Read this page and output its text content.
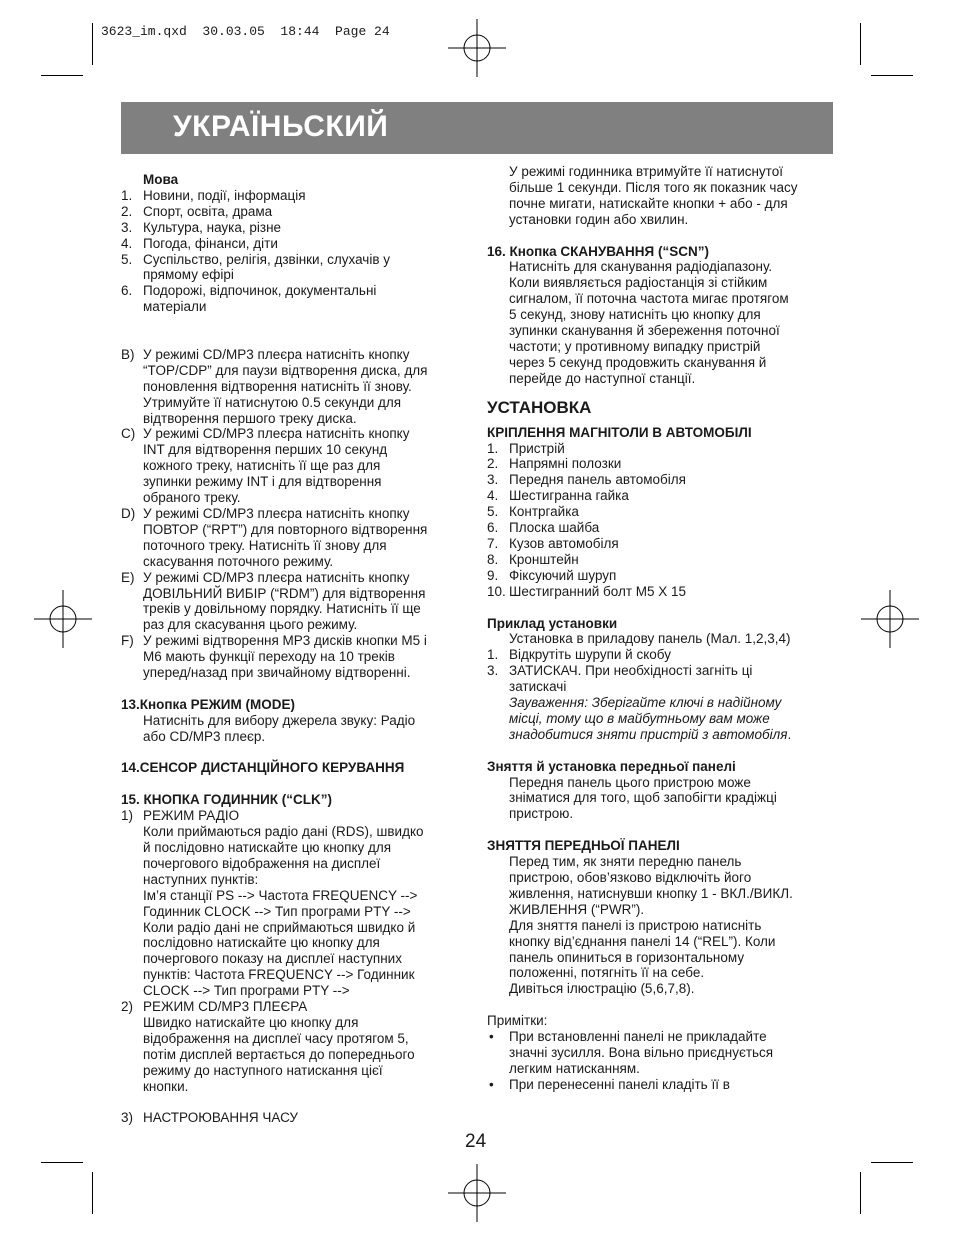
3623_im.qxd  30.03.05  18:44  Page 24
УКРАЇНЬСКИЙ
Мова
1. Новини, події, інформація
2. Спорт, освіта, драма
3. Культура, наука, різне
4. Погода, фінанси, діти
5. Суспільство, релігія, дзвінки, слухачів у
прямому ефірі
6. Подорожі, відпочинок, документальні
матеріали
B) У режимі CD/MP3 плеєра натисніть кнопку
“TOP/CDP” для паузи відтворення диска, для
поновлення відтворення натисніть її знову.
Утримуйте її натиснутою 0.5 секунди для
відтворення першого треку диска.
C) У режимі CD/MP3 плеєра натисніть кнопку
INT для відтворення перших 10 секунд
кожного треку, натисніть її ще раз для
зупинки режиму INT і для відтворення
обраного треку.
D) У режимі CD/MP3 плеєра натисніть кнопку
ПОВТОР (“RPT”) для повторного відтворення
поточного треку. Натисніть її знову для
скасування поточного режиму.
E) У режимі CD/MP3 плеєра натисніть кнопку
ДОВІЛЬНИЙ ВИБІР (“RDM”) для відтворення
треків у довільному порядку. Натисніть її ще
раз для скасування цього режиму.
F) У режимі відтворення MP3 дисків кнопки M5 і
M6 мають функції переходу на 10 треків
уперед/назад при звичайному відтворенні.
13.Кнопка РЕЖИМ (MODE)
Натисніть для вибору джерела звуку: Радіо
або CD/MP3 плеєр.
14.СЕНСОР ДИСТАНЦІЙНОГО КЕРУВАННЯ
15. КНОПКА ГОДИННИК (“CLK”)
1) РЕЖИМ РАДІО
Коли приймаються радіо дані (RDS), швидко
й послідовно натискайте цю кнопку для
почергового відображення на дисплеї
наступних пунктів:
Ім’я станції PS --> Частота FREQUENCY -->
Годинник CLOCK --> Тип програми PTY -->
Коли радіо дані не сприймаються швидко й
послідовно натискайте цю кнопку для
почергового показу на дисплеї наступних
пунктів: Частота FREQUENCY --> Годинник
CLOCK --> Тип програми PTY -->
2) РЕЖИМ CD/MP3 ПЛЕЄРА
Швидко натискайте цю кнопку для
відображення на дисплеї часу протягом 5,
потім дисплей вертається до попереднього
режиму до наступного натискання цієї
кнопки.
3) НАСТРОЮВАННЯ ЧАСУ
У режимі годинника втримуйте її натиснутої
більше 1 секунди. Після того як показник часу
почне мигати, натискайте кнопки + або - для
установки годин або хвилин.
16. Кнопка СКАНУВАННЯ (“SCN”)
Натисніть для сканування радіодіапазону.
Коли виявляється радіостанція зі стійким
сигналом, її поточна частота мигає протягом
5 секунд, знову натисніть цю кнопку для
зупинки сканування й збереження поточної
частоти; у противному випадку пристрій
через 5 секунд продовжить сканування й
перейде до наступної станції.
УСТАНОВКА
КРІПЛЕННЯ МАГНІТОЛИ В АВТОМОБІЛІ
1. Пристрій
2. Напрямні полозки
3. Передня панель автомобіля
4. Шестигранна гайка
5. Контргайка
6. Плоска шайба
7. Кузов автомобіля
8. Кронштейн
9. Фіксуючий шуруп
10. Шестигранний болт M5 X 15
Приклад установки
Установка в приладову панель (Мал. 1,2,3,4)
1. Відкрутіть шурупи й скобу
3. ЗАТИСКАЧ. При необхідності загніть ці
затискачі
Зауваження: Зберігайте ключі в надійному
місці, тому що в майбутньому вам може
знадобитися зняти пристрій з автомобіля.
Зняття й установка передньої панелі
Передня панель цього пристрою може
зніматися для того, щоб запобігти крадіжці
пристрою.
ЗНЯТТЯ ПЕРЕДНЬОЇ ПАНЕЛІ
Перед тим, як зняти передню панель
пристрою, обов’язково відключіть його
живлення, натиснувши кнопку 1 - ВКЛ./ВИКЛ.
ЖИВЛЕННЯ (“PWR”).
Для зняття панелі із пристрою натисніть
кнопку від’єднання панелі 14 (“REL”). Коли
панель опиниться в горизонтальному
положенні, потягніть її на себе.
Дивіться ілюстрацію (5,6,7,8).
Примітки:
•	При встановленні панелі не прикладайте
значні зусилля. Вона вільно приєднується
легким натисканням.
•	При перенесенні панелі кладіть її в
24
